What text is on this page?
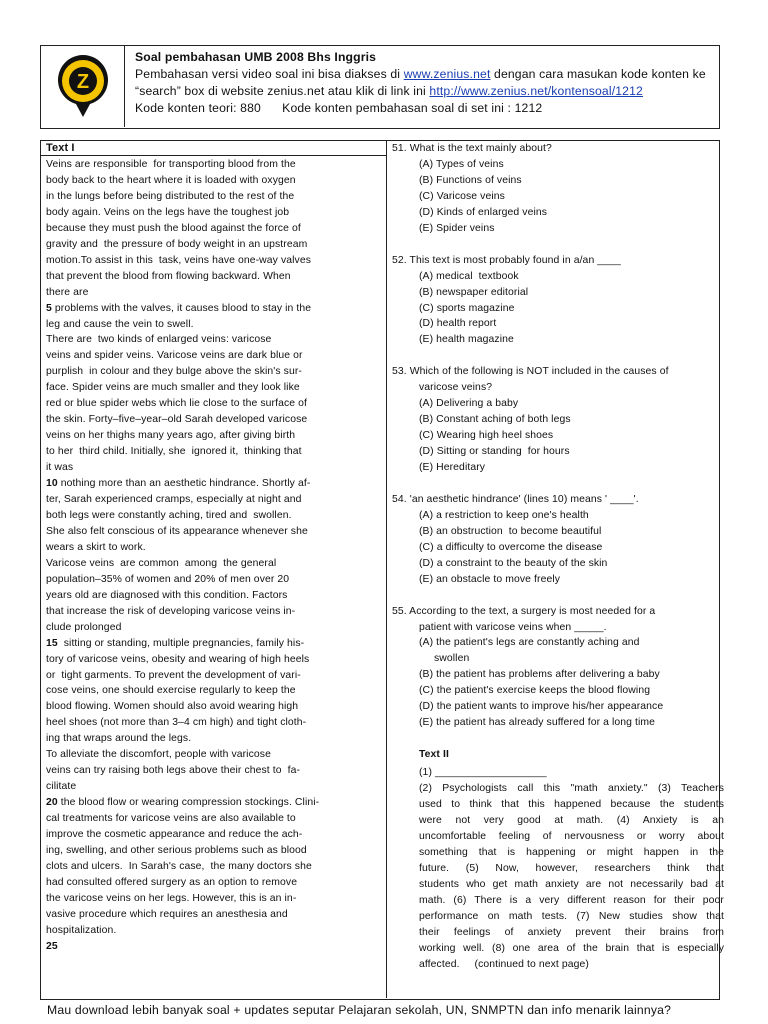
Z
Soal pembahasan UMB 2008 Bhs Inggris
Pembahasan versi video soal ini bisa diakses di www.zenius.net dengan cara masukan kode konten ke
“search” box di website zenius.net atau klik di link ini http://www.zenius.net/kontensoal/1212
Kode konten teori: 880      Kode konten pembahasan soal di set ini : 1212
Text I
Veins are responsible  for transporting blood from the
body back to the heart where it is loaded with oxygen
in the lungs before being distributed to the rest of the
body again. Veins on the legs have the toughest job
because they must push the blood against the force of
gravity and  the pressure of body weight in an upstream
motion.To assist in this  task, veins have one-way valves
that prevent the blood from flowing backward. When
there are
5 problems with the valves, it causes blood to stay in the
leg and cause the vein to swell.
There are  two kinds of enlarged veins: varicose
veins and spider veins. Varicose veins are dark blue or
purplish  in colour and they bulge above the skin's sur-
face. Spider veins are much smaller and they look like
red or blue spider webs which lie close to the surface of
the skin. Forty–five–year–old Sarah developed varicose
veins on her thighs many years ago, after giving birth
to her  third child. Initially, she  ignored it,  thinking that
it was
10 nothing more than an aesthetic hindrance. Shortly af-
ter, Sarah experienced cramps, especially at night and
both legs were constantly aching, tired and  swollen.
She also felt conscious of its appearance whenever she
wears a skirt to work.
Varicose veins  are common  among  the general
population–35% of women and 20% of men over 20
years old are diagnosed with this condition. Factors
that increase the risk of developing varicose veins in-
clude prolonged
15  sitting or standing, multiple pregnancies, family his-
tory of varicose veins, obesity and wearing of high heels
or  tight garments. To prevent the development of vari-
cose veins, one should exercise regularly to keep the
blood flowing. Women should also avoid wearing high
heel shoes (not more than 3–4 cm high) and tight cloth-
ing that wraps around the legs.
To alleviate the discomfort, people with varicose
veins can try raising both legs above their chest to  fa-
cilitate
20 the blood flow or wearing compression stockings. Clini-
cal treatments for varicose veins are also available to
improve the cosmetic appearance and reduce the ach-
ing, swelling, and other serious problems such as blood
clots and ulcers.  In Sarah's case,  the many doctors she
had consulted offered surgery as an option to remove
the varicose veins on her legs. However, this is an in-
vasive procedure which requires an anesthesia and
hospitalization.
25
51. What is the text mainly about?
(A) Types of veins
(B) Functions of veins
(C) Varicose veins
(D) Kinds of enlarged veins
(E) Spider veins
52. This text is most probably found in a/an ____
(A) medical  textbook
(B) newspaper editorial
(C) sports magazine
(D) health report
(E) health magazine
53. Which of the following is NOT included in the causes of
varicose veins?
(A) Delivering a baby
(B) Constant aching of both legs
(C) Wearing high heel shoes
(D) Sitting or standing  for hours
(E) Hereditary
54. 'an aesthetic hindrance' (lines 10) means ' ____'.
(A) a restriction to keep one's health
(B) an obstruction  to become beautiful
(C) a difficulty to overcome the disease
(D) a constraint to the beauty of the skin
(E) an obstacle to move freely
55. According to the text, a surgery is most needed for a
patient with varicose veins when _____.
(A) the patient's legs are constantly aching and
swollen
(B) the patient has problems after delivering a baby
(C) the patient's exercise keeps the blood flowing
(D) the patient wants to improve his/her appearance
(E) the patient has already suffered for a long time
Text II
(1) ___________________
(2) Psychologists call this "math anxiety." (3) Teachers
used to think that this happened because the students
were not very good at math. (4) Anxiety is an
uncomfortable feeling of nervousness or worry about
something that is happening or might happen in the
future. (5) Now, however, researchers think that
students who get math anxiety are not necessarily bad at
math. (6) There is a very different reason for their poor
performance on math tests. (7) New studies show that
their feelings of anxiety prevent their brains from
working well. (8) one area of the brain that is especially
affected.     (continued to next page)
Mau download lebih banyak soal + updates seputar Pelajaran sekolah, UN, SNMPTN dan info menarik lainnya?
